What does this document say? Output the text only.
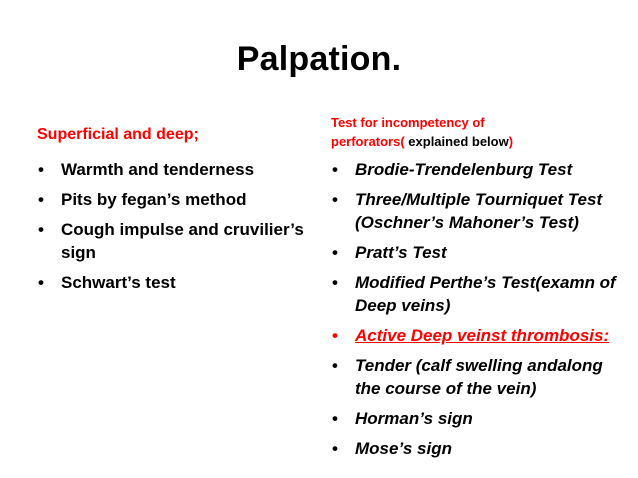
Palpation.
Superficial and deep;
Test for incompetency of
perforators( explained below)
• Warmth and tenderness
• Pits by fegan’s method
• Cough impulse and cruvilier’s sign
• Schwart’s test
• Brodie-Trendelenburg Test
• Three/Multiple Tourniquet Test (Oschner’s Mahoner’s Test)
• Pratt’s Test
• Modified Perthe’s Test(examn of Deep veins)
• Active Deep veinst thrombosis:
• Tender (calf swelling andalong the course of the vein)
• Horman’s sign
• Mose’s sign
